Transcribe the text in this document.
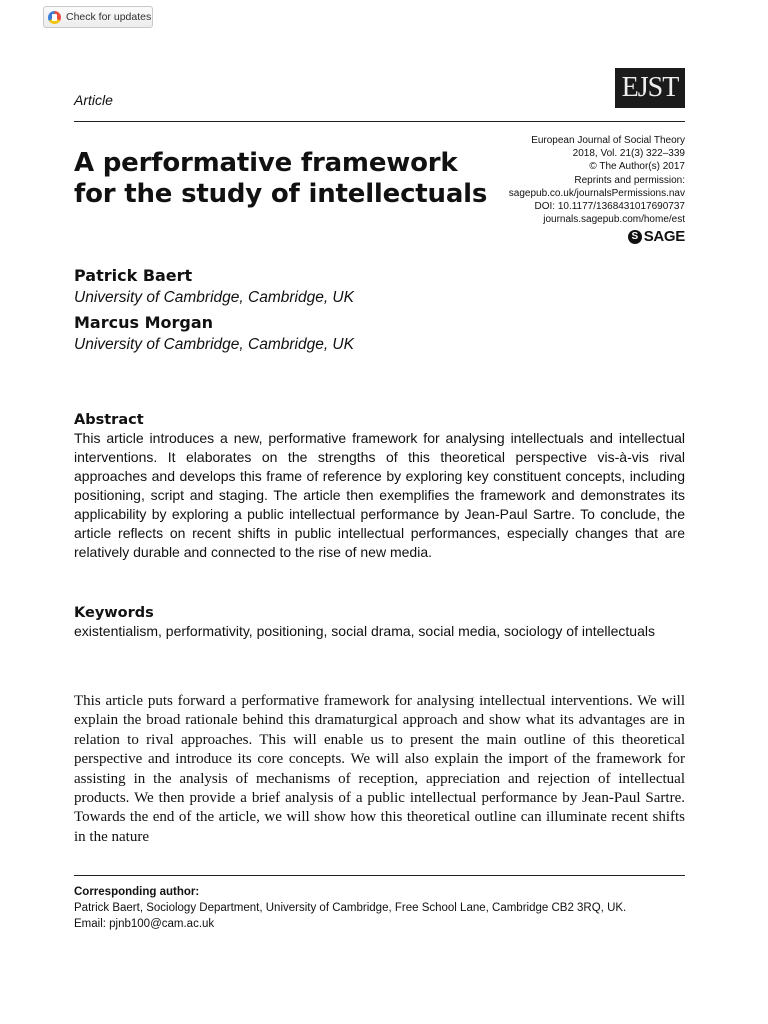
Check for updates
Article	EJST
A performative framework for the study of intellectuals
European Journal of Social Theory
2018, Vol. 21(3) 322–339
© The Author(s) 2017
Reprints and permission:
sagepub.co.uk/journalsPermissions.nav
DOI: 10.1177/1368431017690737
journals.sagepub.com/home/est
S SAGE
Patrick Baert
University of Cambridge, Cambridge, UK
Marcus Morgan
University of Cambridge, Cambridge, UK
Abstract
This article introduces a new, performative framework for analysing intellectuals and intellectual interventions. It elaborates on the strengths of this theoretical perspective vis-à-vis rival approaches and develops this frame of reference by exploring key constituent concepts, including positioning, script and staging. The article then exemplifies the framework and demonstrates its applicability by exploring a public intellectual performance by Jean-Paul Sartre. To conclude, the article reflects on recent shifts in public intellectual performances, especially changes that are relatively durable and connected to the rise of new media.
Keywords
existentialism, performativity, positioning, social drama, social media, sociology of intellectuals

This article puts forward a performative framework for analysing intellectual interventions. We will explain the broad rationale behind this dramaturgical approach and show what its advantages are in relation to rival approaches. This will enable us to present the main outline of this theoretical perspective and introduce its core concepts. We will also explain the import of the framework for assisting in the analysis of mechanisms of reception, appreciation and rejection of intellectual products. We then provide a brief analysis of a public intellectual performance by Jean-Paul Sartre. Towards the end of the article, we will show how this theoretical outline can illuminate recent shifts in the nature

Corresponding author:
Patrick Baert, Sociology Department, University of Cambridge, Free School Lane, Cambridge CB2 3RQ, UK.
Email: pjnb100@cam.ac.uk
